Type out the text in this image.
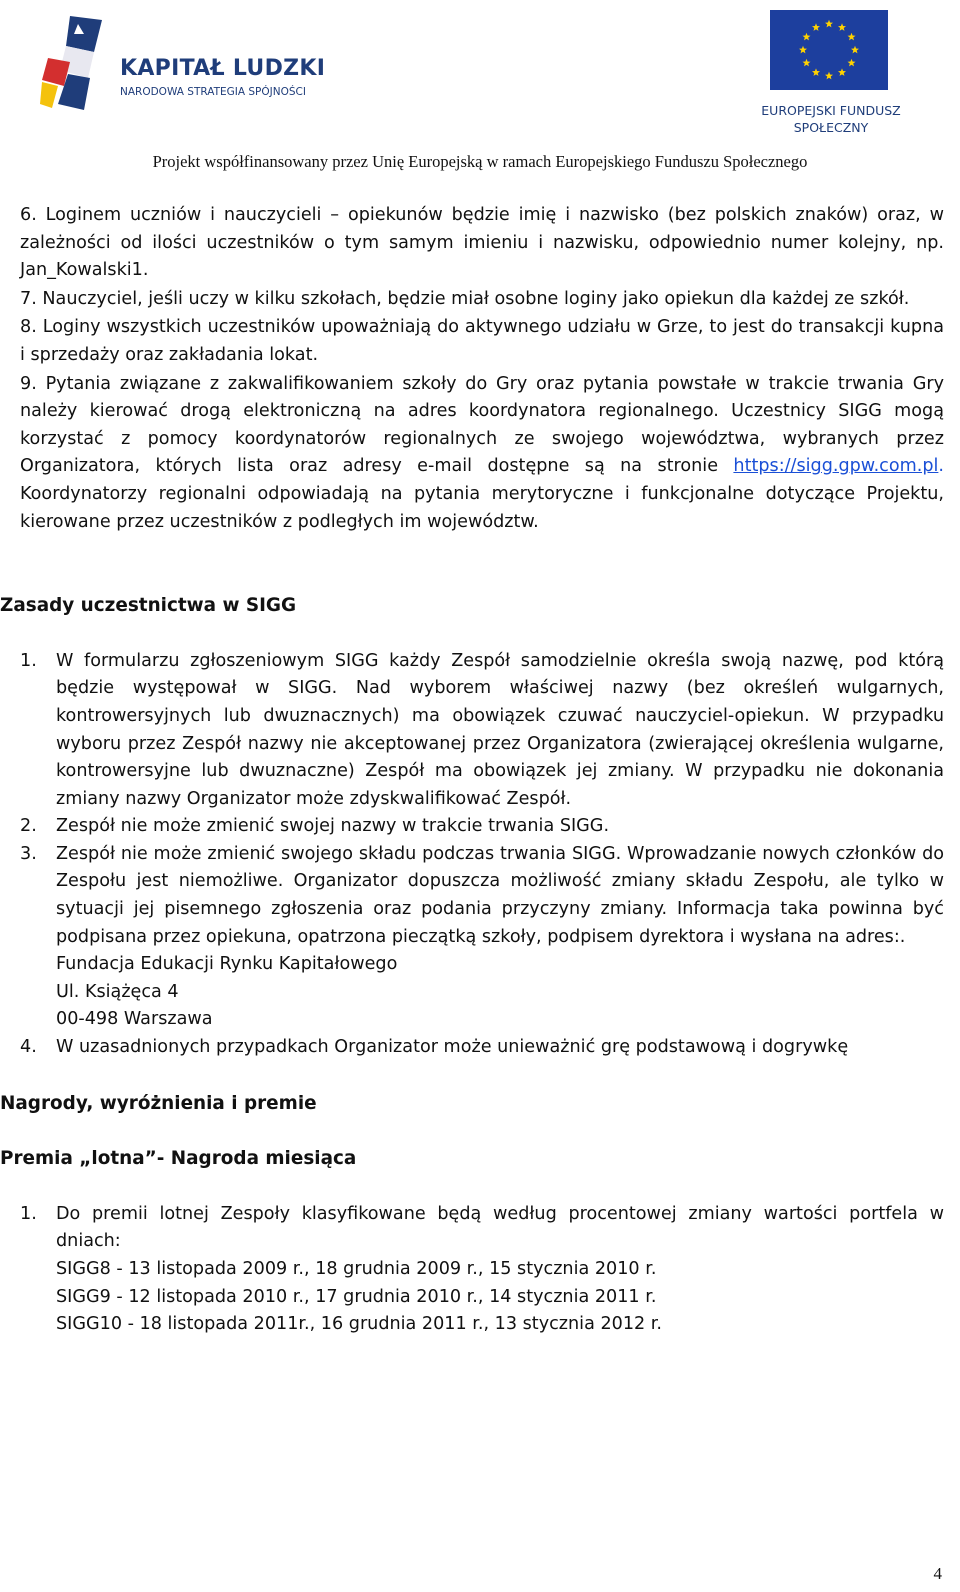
KAPITAŁ LUDZKI
NARODOWA STRATEGIA SPÓJNOŚCI
EUROPEJSKI FUNDUSZ
SPOŁECZNY
Projekt współfinansowany przez Unię Europejską w ramach Europejskiego Funduszu Społecznego

6. Loginem uczniów i nauczycieli – opiekunów będzie imię i nazwisko (bez polskich znaków) oraz, w zależności od ilości uczestników o tym samym imieniu i nazwisku, odpowiednio numer kolejny, np. Jan_Kowalski1.

7. Nauczyciel, jeśli uczy w kilku szkołach, będzie miał osobne loginy jako opiekun dla każdej ze szkół.

8. Loginy wszystkich uczestników upoważniają do aktywnego udziału w Grze, to jest do transakcji kupna i sprzedaży oraz zakładania lokat.

9. Pytania związane z zakwalifikowaniem szkoły do Gry oraz pytania powstałe w trakcie trwania Gry należy kierować drogą elektroniczną na adres koordynatora regionalnego. Uczestnicy SIGG mogą korzystać z pomocy koordynatorów regionalnych ze swojego województwa, wybranych przez Organizatora, których lista oraz adresy e-mail dostępne są na stronie https://sigg.gpw.com.pl. Koordynatorzy regionalni odpowiadają na pytania merytoryczne i funkcjonalne dotyczące Projektu, kierowane przez uczestników z podległych im województw.

Zasady uczestnictwa w SIGG

1. W formularzu zgłoszeniowym SIGG każdy Zespół samodzielnie określa swoją nazwę, pod którą będzie występował w SIGG. Nad wyborem właściwej nazwy (bez określeń wulgarnych, kontrowersyjnych lub dwuznacznych) ma obowiązek czuwać nauczyciel-opiekun. W przypadku wyboru przez Zespół nazwy nie akceptowanej przez Organizatora (zwierającej określenia wulgarne, kontrowersyjne lub dwuznaczne) Zespół ma obowiązek jej zmiany. W przypadku nie dokonania zmiany nazwy Organizator może zdyskwalifikować Zespół.

2. Zespół nie może zmienić swojej nazwy w trakcie trwania SIGG.

3. Zespół nie może zmienić swojego składu podczas trwania SIGG. Wprowadzanie nowych członków do Zespołu jest niemożliwe. Organizator dopuszcza możliwość zmiany składu Zespołu, ale tylko w sytuacji jej pisemnego zgłoszenia oraz podania przyczyny zmiany. Informacja taka powinna być podpisana przez opiekuna, opatrzona pieczątką szkoły, podpisem dyrektora i wysłana na adres:.

Fundacja Edukacji Rynku Kapitałowego

Ul. Książęca 4

00-498 Warszawa

4. W uzasadnionych przypadkach Organizator może unieważnić grę podstawową i dogrywkę

Nagrody, wyróżnienia i premie

Premia „lotna”- Nagroda miesiąca

1. Do premii lotnej Zespoły klasyfikowane będą według procentowej zmiany wartości portfela w dniach:

SIGG8 - 13 listopada 2009 r., 18 grudnia 2009 r., 15 stycznia 2010 r.

SIGG9 - 12 listopada 2010 r., 17 grudnia 2010 r., 14 stycznia 2011 r.

SIGG10 - 18 listopada 2011r., 16 grudnia 2011 r., 13 stycznia 2012 r.

4
